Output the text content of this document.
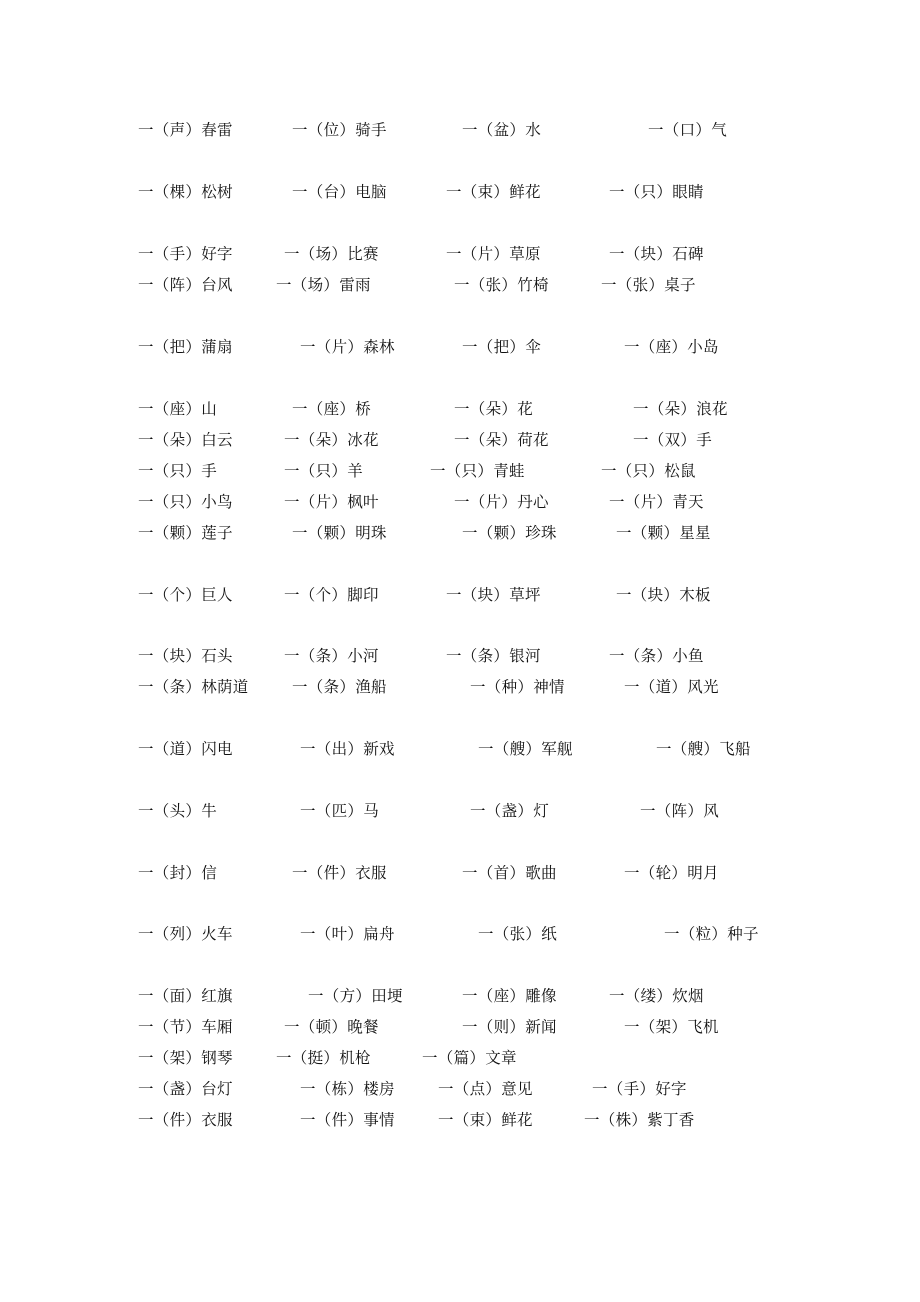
一（声）春雷	一（位）骑手	一（盆）水	一（口）气
一（棵）松树	一（台）电脑	一（束）鲜花	一（只）眼睛
一（手）好字	一（场）比赛	一（片）草原	一（块）石碑
一（阵）台风	一（场）雷雨	一（张）竹椅	一（张）桌子
一（把）蒲扇	一（片）森林	一（把）伞	一（座）小岛
一（座）山	一（座）桥	一（朵）花	一（朵）浪花
一（朵）白云	一（朵）冰花	一（朵）荷花	一（双）手
一（只）手	一（只）羊	一（只）青蛙	一（只）松鼠
一（只）小鸟	一（片）枫叶	一（片）丹心	一（片）青天
一（颗）莲子	一（颗）明珠	一（颗）珍珠	一（颗）星星
一（个）巨人	一（个）脚印	一（块）草坪	一（块）木板
一（块）石头	一（条）小河	一（条）银河	一（条）小鱼
一（条）林荫道	一（条）渔船	一（种）神情	一（道）风光
一（道）闪电	一（出）新戏	一（艘）军舰	一（艘）飞船
一（头）牛	一（匹）马	一（盏）灯	一（阵）风
一（封）信	一（件）衣服	一（首）歌曲	一（轮）明月
一（列）火车	一（叶）扁舟	一（张）纸	一（粒）种子
一（面）红旗	一（方）田埂	一（座）雕像	一（缕）炊烟
一（节）车厢	一（顿）晚餐	一（则）新闻	一（架）飞机
一（架）钢琴	一（挺）机枪	一（篇）文章
一（盏）台灯	一（栋）楼房	一（点）意见	一（手）好字
一（件）衣服	一（件）事情	一（束）鲜花	一（株）紫丁香
